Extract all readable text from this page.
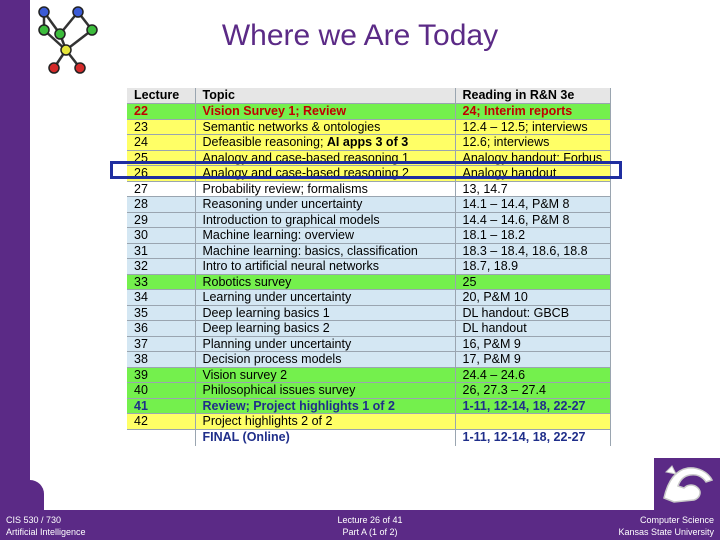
Where we Are Today
Lecture	Topic	Reading in R&N 3e
22	Vision Survey 1; Review	24; Interim reports
23	Semantic networks & ontologies	12.4 – 12.5; interviews
24	Defeasible reasoning; AI apps 3 of 3	12.6; interviews
25	Analogy and case-based reasoning 1	Analogy handout: Forbus
26	Analogy and case-based reasoning 2	Analogy handout
27	Probability review; formalisms	13, 14.7
28	Reasoning under uncertainty	14.1 – 14.4, P&M 8
29	Introduction to graphical models	14.4 – 14.6, P&M 8
30	Machine learning: overview	18.1 – 18.2
31	Machine learning: basics, classification	18.3 – 18.4, 18.6, 18.8
32	Intro to artificial neural networks	18.7, 18.9
33	Robotics survey	25
34	Learning under uncertainty	20, P&M 10
35	Deep learning basics 1	DL handout: GBCB
36	Deep learning basics 2	DL handout
37	Planning under uncertainty	16, P&M 9
38	Decision process models	17, P&M 9
39	Vision survey 2	24.4 – 24.6
40	Philosophical issues survey	26, 27.3 – 27.4
41	Review; Project highlights 1 of 2	1-11, 12-14, 18, 22-27
42	Project highlights 2 of 2	
	FINAL (Online)	1-11, 12-14, 18, 22-27
CIS 530 / 730
Artificial Intelligence
Lecture 26 of 41
Part A (1 of 2)
Computer Science
Kansas State University
